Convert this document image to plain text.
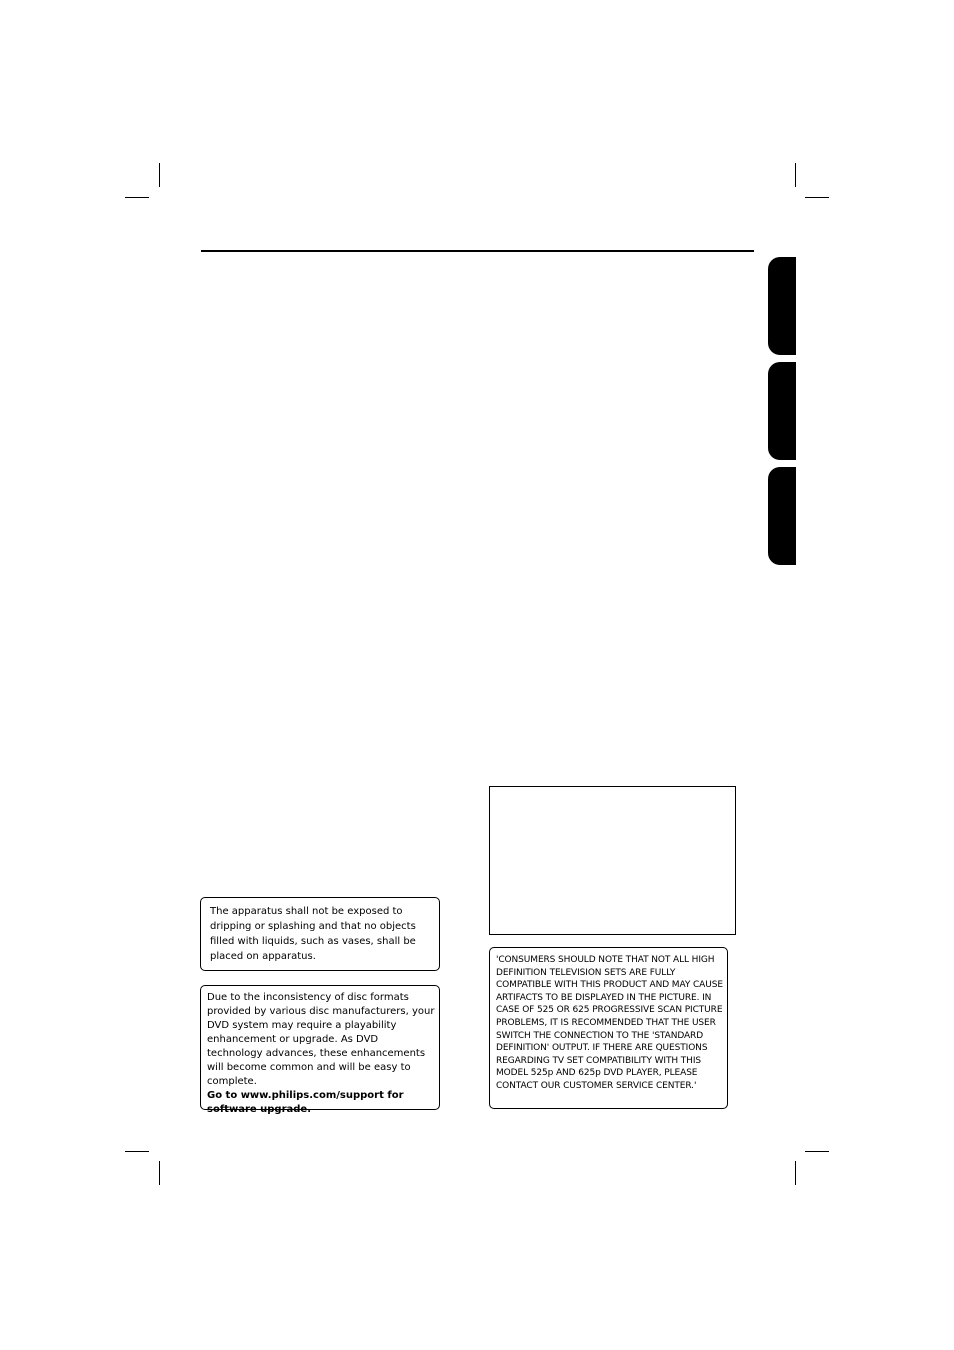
The apparatus shall not be exposed to dripping or splashing and that no objects filled with liquids, such as vases, shall be placed on apparatus.

Due to the inconsistency of disc formats provided by various disc manufacturers, your DVD system may require a playability enhancement or upgrade. As DVD technology advances, these enhancements will become common and will be easy to complete.

Go to www.philips.com/support for software upgrade.

'CONSUMERS SHOULD NOTE THAT NOT ALL HIGH DEFINITION TELEVISION SETS ARE FULLY COMPATIBLE WITH THIS PRODUCT AND MAY CAUSE ARTIFACTS TO BE DISPLAYED IN THE PICTURE. IN CASE OF 525 OR 625 PROGRESSIVE SCAN PICTURE PROBLEMS, IT IS RECOMMENDED THAT THE USER SWITCH THE CONNECTION TO THE 'STANDARD DEFINITION' OUTPUT. IF THERE ARE QUESTIONS REGARDING TV SET COMPATIBILITY WITH THIS MODEL 525p AND 625p DVD PLAYER, PLEASE CONTACT OUR CUSTOMER SERVICE CENTER.'
